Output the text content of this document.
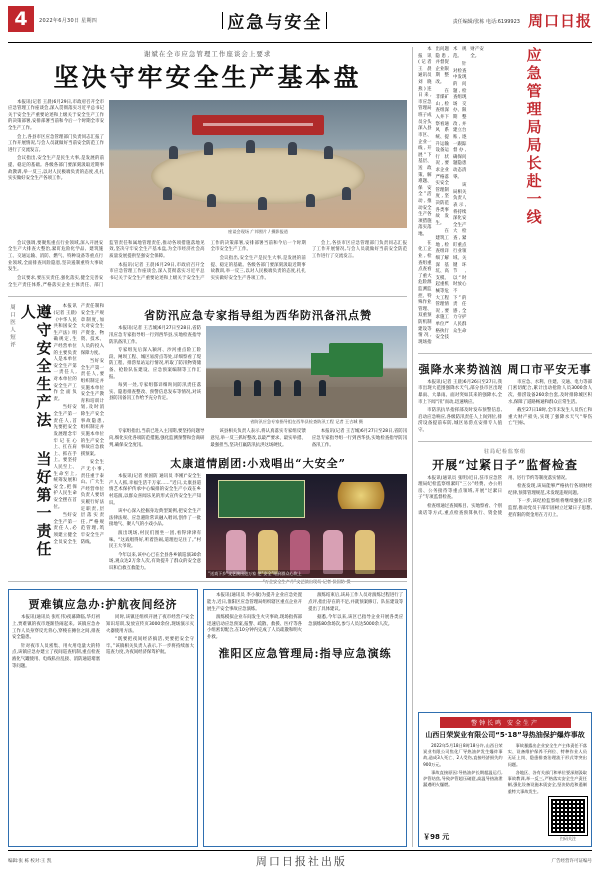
4	2022年6月30日 星期四	应急与安全	责任编辑/张栋 电话:6199923 周口日报
谢斌在全市应急管理工作座谈会上要求
坚决守牢安全生产基本盘

本报讯(记者 王晨)6月29日,市政府召开全市应急管理工作座谈会,深入贯彻落实习近平总书记关于安全生产重要论述和上级关于安全生产工作的决策部署,安排部署当前和今后一个时期全市安全生产工作。

会上,各县市区应急管理部门负责同志汇报了工作开展情况,与会人员就做好当前安全防范工作进行了交流发言。

会议指出,安全生产是民生大事,是发展的前提、稳定的基础。各级各部门要深刻汲取近期事故教训,举一反三,以对人民极端负责的态度,扎扎实实做好安全生产各项工作。

座谈会现场 广邦照片 / 摄影报道

会议强调,要聚焦重点行业领域,深入开展安全生产大排查大整治,紧盯危险化学品、建筑施工、交通运输、消防、燃气、特种设备等重点行业领域,全面排查风险隐患,坚决遏制重特大事故发生。

会议要求,要压实责任,强化落实,健全完善安全生产责任体系,严格落实企业主体责任、部门监管责任和属地管理责任,推动各项措施落地见效,坚决守牢安全生产基本盘,为全市经济社会高质量发展提供坚强安全保障。

本报讯(记者 王晨)6月29日,市政府召开全市应急管理工作座谈会,深入贯彻落实习近平总书记关于安全生产重要论述和上级关于安全生产工作的决策部署,安排部署当前和今后一个时期全市安全生产工作。

会议指出,安全生产是民生大事,是发展的前提、稳定的基础。各级各部门要深刻汲取近期事故教训,举一反三,以对人民极端负责的态度,扎扎实实做好安全生产各项工作。

会上,各县市区应急管理部门负责同志汇报了工作开展情况,与会人员就做好当前安全防范工作进行了交流发言。

周口医人短评	遵守安全生产法 当好第一责任人	本报讯(记者 王晨)《中华人民共和国安全生产法》明确规定,生产经营单位的主要负责人是本单位安全生产第一责任人,对本单位的安全生产工作全面负责。

当好安全生产第一责任人,首先要把安全发展理念牢牢记在心上、扛在肩上、抓在手上。要坚持人民至上、生命至上,统筹发展和安全,把保护人民生命安全摆在首位。

当好安全生产第一责任人,必须建立健全全员安全生产责任制和安全生产规章制度,加大对安全生产资金、物资、技术、人员的投入保障力度。

当好安全生产第一责任人,要组织制定并实施本单位安全生产教育和培训计划,及时消除生产安全事故隐患,组织制定并实施本单位的生产安全事故应急救援预案。

安全生产无小事,责任重于泰山。广大生产经营单位负责人要切实履行好法定职责,层层落实责任,严格规范管理,筑牢安全生产防线。

省防汛应急专家指导组为西华防汛备汛点赞

本报讯(记者 王吉城)6月27日至28日,省防汛应急专家指导组一行到西华县,实地检查指导防汛备汛工作。

专家组先后深入颍河、沙河重点险工险段、闸坝工程、城区易涝点等处,详细察看了堤防工程、排涝泵站运行情况,听取了防汛物资储备、抢险队伍建设、应急预案编制等工作汇报。

每到一处,专家组都详细询问防汛责任落实、隐患排查整改、预警信息发布等情况,对该县防汛备汛工作给予充分肯定。

省防汛应急专家指导组在西华县检查防汛工程 记者 王吉城 摄

专家组指出,当前已进入主汛期,要坚持问题导向,细化实化各项防范措施,强化监测预警和会商研判,确保安全度汛。

该县相关负责人表示,将认真落实专家组反馈意见,举一反三抓好整改,以最严要求、最实举措、最强担当,坚决打赢防汛抗洪这场硬仗。

本报讯(记者 王吉城)6月27日至28日,省防汛应急专家指导组一行到西华县,实地检查指导防汛备汛工作。

太康道情剧团:小戏唱出“大安全”

本报讯(记者 侯国防 通讯员 李刚)“安全生产人人抓,幸福生活千万家……”近日,太康县道情艺术保护传承中心编排的安全生产小戏在乡村巡演,以群众喜闻乐见的形式宣传安全生产知识。

该中心深入挖掘身边典型案例,把安全生产法律法规、应急避险常识融入唱词,创作了一批接地气、聚人气的小戏小品。

演出现场,村民们围坐一团,看得津津有味。“这戏唱得好,听着热闹,道理也记住了。”村民王大爷说。

今年以来,该中心已在全县各乡镇巡演30余场,观众达2万余人次,有效提升了群众的安全意识和自救互救能力。

“送戏下乡”文艺演出进万家 把“安全”唱到群众心坎上
贾难镇应急办:护航夜间经济

本报讯(通讯员 张红伟)夜幕降临,华灯初上,贾难镇的夜市逐渐热闹起来。该镇应急办工作人员身穿反光背心,穿梭在摊位之间,排查安全隐患。

针对夜市人员密集、用火用电量大的特点,该镇应急办建立了夜间巡查机制,重点检查液化气罐使用、电线私拉乱接、消防通道堵塞等问题。

同时,该镇还组织开展了夜市经营户安全知识培训,发放宣传页3000余份,现场演示灭火器使用方法。

“既要把夜间经济搞活,更要把安全守牢。”该镇相关负责人表示,下一步将持续加大巡查力度,为夜间经济保驾护航。

本报讯(通讯员 李小敏)为提升企业应急处置能力,近日,淮阳区应急管理局组织辖区重点企业开展生产安全事故应急演练。

演练模拟企业车间发生火灾事故,现场指挥部迅速启动应急预案,报警、疏散、救援、医疗等各小组密切配合,在10分钟内完成了人员疏散和明火扑救。

演练结束后,该局工作人员对演练过程进行了点评,指出存在的不足,并就预案修订、队伍建设等提出了具体建议。

据悉,今年以来,该区已指导企业开展各类应急演练80余场次,参与人员达5000余人次。

淮阳区应急管理局:指导应急演练

本报讯(记者 王晨 通讯员 刘晓燕)连日来,市应急管理局班子成员分头深入县市区、企业一线,开展“下基层、送政策、解难题、保安全”活动,推动安全生产各项措施落实落地。

在化工企业,检查组重点查看了重大危险源监测监控、特殊作业管理、双重预防机制建设等情况,现场指出问题隐患,并督促企业限期整改。

在非煤矿山,检查组深入井下察看通风系统、提升运输设备运行状况,要求企业严格落实安全管理制度,坚决防范各类事故发生。

在建筑工地,检查组详细了解深基坑、高支模、起重机械等危大工程管理情况,要求施工单位严格执行安全技术规范。

针对检查中发现的问题,检查组现场交办、限期整改,并建立台账,逐一跟踪督办,确保问题隐患动态清零。

该局相关负责人表示,将持续深化安全生产大检查,紧盯重点行业领域、关键环节,以“时时放心不下”的责任感,全力守护人民群众生命财产安全。	应急管理局局长赴一线
强降水来势汹汹 周口市平安无事

本报讯(记者 王晨)6月26日至27日,我市出现大范围强降水天气,部分县市区出现暴雨、大暴雨。面对突如其来的强降水,全市上下闻“汛”而动,迅速响应。

市防汛抗旱指挥部及时发布预警信息,启动应急响应,各级防汛责任人上岗到位,排涝设备提前布防,城区易涝点安排专人值守。

市应急、水利、住建、交通、电力等部门密切配合,累计出动抢险人员3000余人次、排涝设备260余台套,及时排除城区积水,保障了道路畅通和群众正常生活。

截至27日18时,全市未发生人员伤亡和重大财产损失,实现了强降水天气“零伤亡”目标。

驻局纪检监察组
开展“过紧日子”监督检查

本报讯(通讯员 张明)近日,驻市应急管理局纪检监察组紧盯“三公”经费、办公用房、公务接待等重点领域,开展“过紧日子”专项监督检查。

检查组通过查阅账目、实地察看、个别谈话等方式,重点检查预算执行、资金使用、厉行节约等制度落实情况。

检查发现,该局能够严格执行各项财经纪律,预算管理规范,未发现违规问题。

下一步,该纪检监察组将继续强化日常监督,推动党员干部牢固树立过紧日子思想,把有限的资金用在刀刃上。

警钟长鸣 安全生产
山西日荣炭业有限公司“5·18”导热油保护爆炸事故

2022年5月18日8时18分许,山西日荣炭业有限公司焦化厂导热油炉发生爆炸事故,造成3人死亡、2人受伤,直接经济损失约900万元。

事故直接原因:导热油炉长期超温运行,炉管结焦,导致炉管超压破裂,高温导热油泄漏遇明火爆燃。

事故暴露出企业安全生产主体责任不落实、设备维护保养不到位、特种作业人员无证上岗、隐患排查治理流于形式等突出问题。

各地区、各有关部门和单位要深刻汲取事故教训,举一反三,严格落实安全生产责任制,强化设备设施本质安全,坚决防范和遏制重特大事故发生。

￥98 元	扫码关注
编辑:张 栋 校对:王 凯	周口日报社出版	广告经营许可证编号
